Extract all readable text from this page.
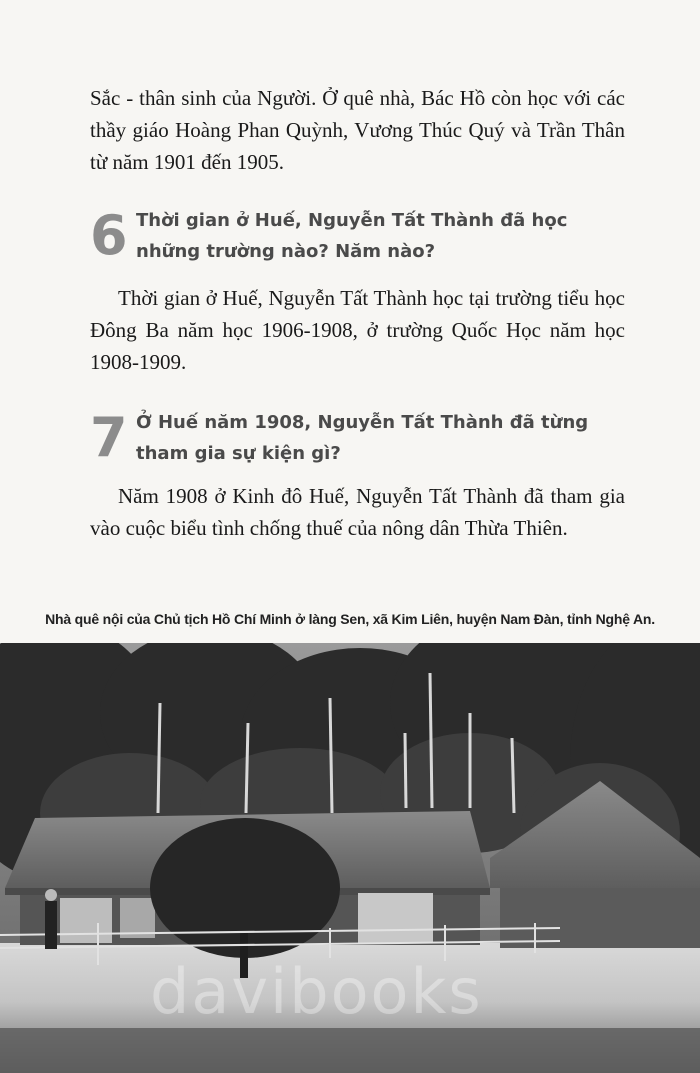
Sắc - thân sinh của Người. Ở quê nhà, Bác Hồ còn học với các thầy giáo Hoàng Phan Quỳnh, Vương Thúc Quý và Trần Thân từ năm 1901 đến 1905.

6 Thời gian ở Huế, Nguyễn Tất Thành đã học những trường nào? Năm nào?

Thời gian ở Huế, Nguyễn Tất Thành học tại trường tiểu học Đông Ba năm học 1906-1908, ở trường Quốc Học năm học 1908-1909.

7 Ở Huế năm 1908, Nguyễn Tất Thành đã từng tham gia sự kiện gì?

Năm 1908 ở Kinh đô Huế, Nguyễn Tất Thành đã tham gia vào cuộc biểu tình chống thuế của nông dân Thừa Thiên.

Nhà quê nội của Chủ tịch Hồ Chí Minh ở làng Sen, xã Kim Liên, huyện Nam Đàn, tỉnh Nghệ An.
davibooks
